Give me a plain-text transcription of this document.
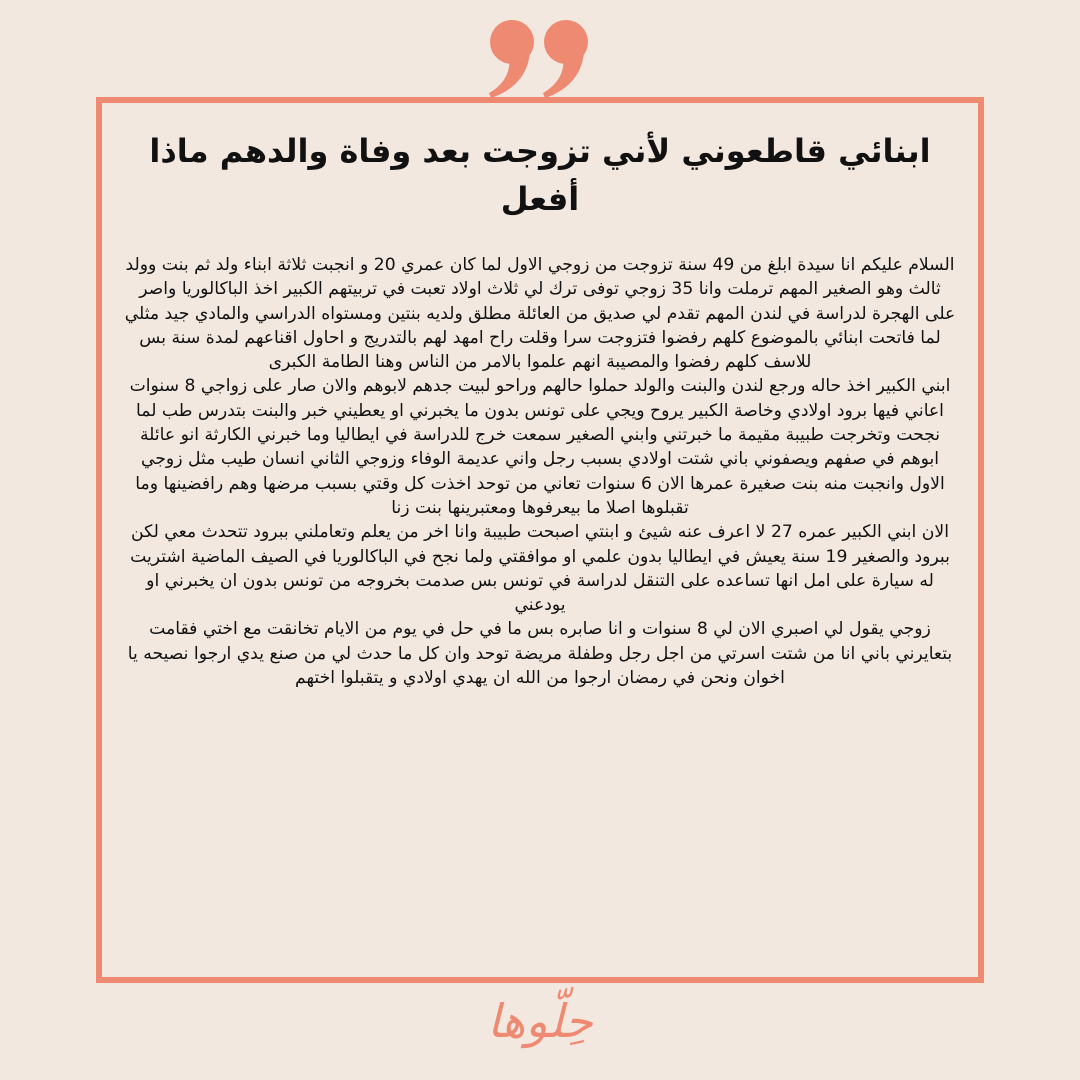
ابنائي قاطعوني لأني تزوجت بعد وفاة والدهم ماذا أفعل

السلام عليكم انا سيدة ابلغ من 49 سنة تزوجت من زوجي الاول لما كان عمري 20 و انجبت ثلاثة ابناء ولد ثم بنت وولد ثالث وهو الصغير المهم ترملت وانا 35 زوجي توفى ترك لي ثلاث اولاد تعبت في تربيتهم الكبير اخذ الباكالوريا واصر على الهجرة لدراسة في لندن المهم تقدم لي صديق من العائلة مطلق ولديه بنتين ومستواه الدراسي والمادي جيد مثلي لما فاتحت ابنائي بالموضوع كلهم رفضوا فتزوجت سرا وقلت راح امهد لهم بالتدريج و احاول اقناعهم لمدة سنة بس للاسف كلهم رفضوا والمصيبة انهم علموا بالامر من الناس وهنا الطامة الكبرى

ابني الكبير اخذ حاله ورجع لندن والبنت والولد حملوا حالهم وراحو لبيت جدهم لابوهم والان صار على زواجي 8 سنوات اعاني فيها برود اولادي وخاصة الكبير يروح ويجي على تونس بدون ما يخبرني او يعطيني خبر والبنت بتدرس طب لما نجحت وتخرجت طبيبة مقيمة ما خبرتني وابني الصغير سمعت خرج للدراسة في ايطاليا وما خبرني الكارثة انو عائلة ابوهم في صفهم ويصفوني باني شتت اولادي بسبب رجل واني عديمة الوفاء وزوجي الثاني انسان طيب مثل زوجي الاول وانجبت منه بنت صغيرة عمرها الان 6 سنوات تعاني من توحد اخذت كل وقتي بسبب مرضها وهم رافضينها وما تقبلوها اصلا ما بيعرفوها ومعتبرينها بنت زنا

الان ابني الكبير عمره 27 لا اعرف عنه شيئ و ابنتي اصبحت طبيبة وانا اخر من يعلم وتعاملني ببرود تتحدث معي لكن ببرود والصغير 19 سنة يعيش في ايطاليا بدون علمي او موافقتي ولما نجح في الباكالوريا في الصيف الماضية اشتريت له سيارة على امل انها تساعده على التنقل لدراسة في تونس بس صدمت بخروجه من تونس بدون ان يخبرني او يودعني

زوجي يقول لي اصبري الان لي 8 سنوات و انا صابره بس ما في حل في يوم من الايام تخانقت مع اختي فقامت بتعايرني باني انا من شتت اسرتي من اجل رجل وطفلة مريضة توحد وان كل ما حدث لي من صنع يدي ارجوا نصيحه يا اخوان ونحن في رمضان ارجوا من الله ان يهدي اولادي و يتقبلوا اختهم

حِلّوها
